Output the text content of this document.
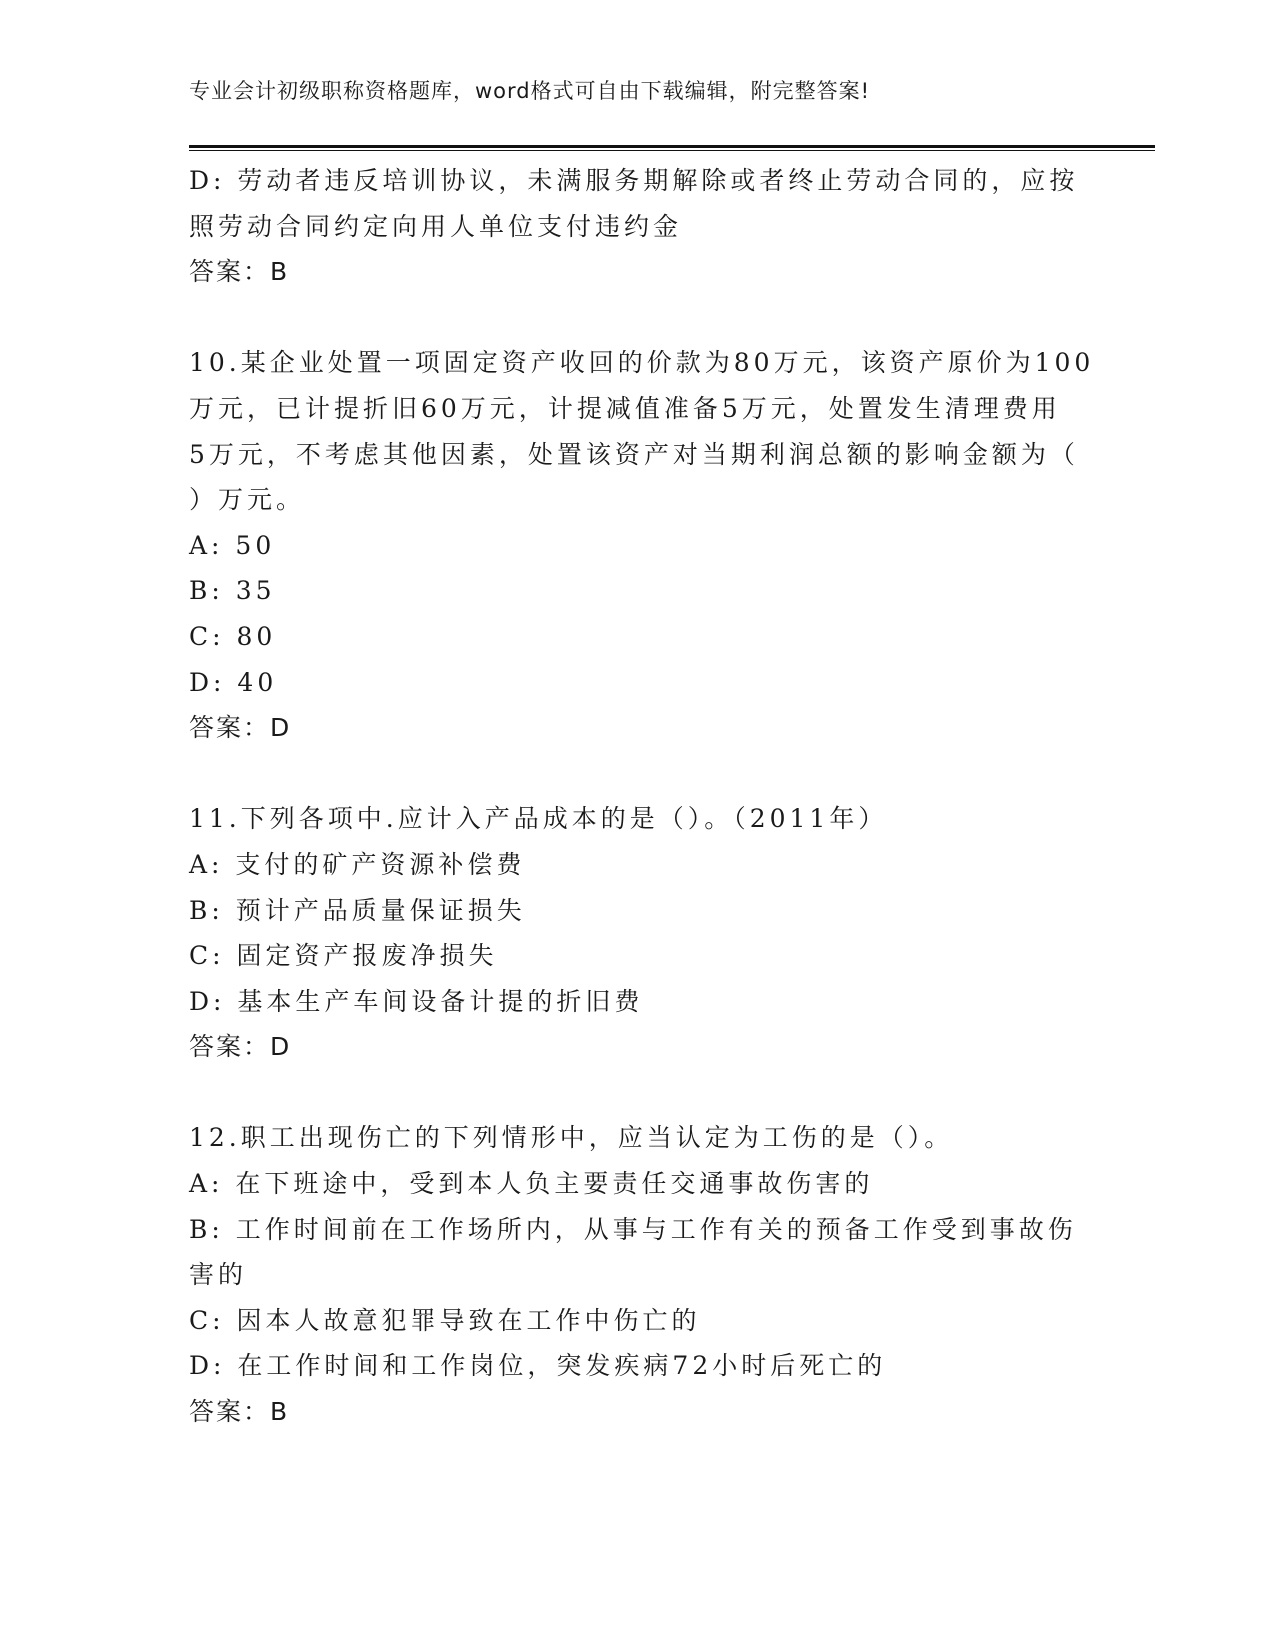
专业会计初级职称资格题库，word格式可自由下载编辑，附完整答案!
D: 劳动者违反培训协议，未满服务期解除或者终止劳动合同的，应按
照劳动合同约定向用人单位支付违约金
答案：B
10.某企业处置一项固定资产收回的价款为80万元，该资产原价为100
万元，已计提折旧60万元，计提减值准备5万元，处置发生清理费用
5万元，不考虑其他因素，处置该资产对当期利润总额的影响金额为（
）万元。
A: 50
B: 35
C: 80
D: 40
答案：D
11.下列各项中.应计入产品成本的是（）。（2011年）
A: 支付的矿产资源补偿费
B: 预计产品质量保证损失
C: 固定资产报废净损失
D: 基本生产车间设备计提的折旧费
答案：D
12.职工出现伤亡的下列情形中，应当认定为工伤的是（）。
A: 在下班途中，受到本人负主要责任交通事故伤害的
B: 工作时间前在工作场所内，从事与工作有关的预备工作受到事故伤
害的
C: 因本人故意犯罪导致在工作中伤亡的
D: 在工作时间和工作岗位，突发疾病72小时后死亡的
答案：B
